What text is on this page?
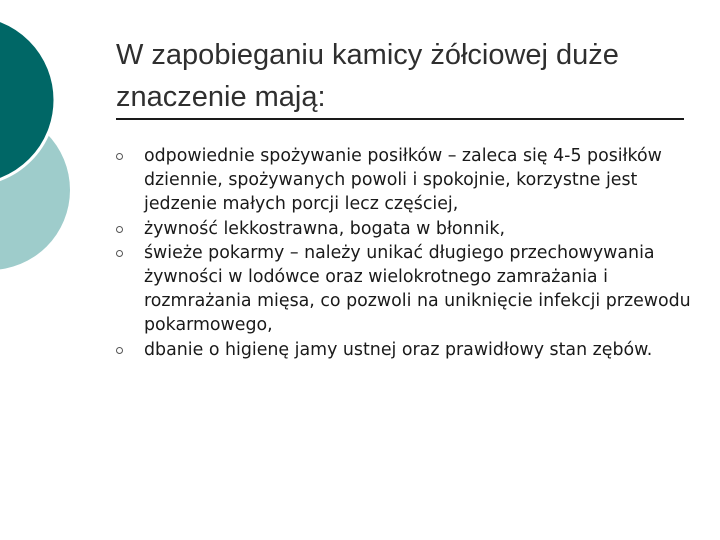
W zapobieganiu kamicy żółciowej duże
znaczenie mają:
odpowiednie spożywanie posiłków – zaleca się 4-5 posiłków dziennie, spożywanych powoli i spokojnie, korzystne jest jedzenie małych porcji lecz częściej,
żywność lekkostrawna, bogata w błonnik,
świeże pokarmy – należy unikać długiego przechowywania żywności w lodówce oraz wielokrotnego zamrażania i rozmrażania mięsa, co pozwoli na uniknięcie infekcji przewodu pokarmowego,
dbanie o higienę jamy ustnej oraz prawidłowy stan zębów.
